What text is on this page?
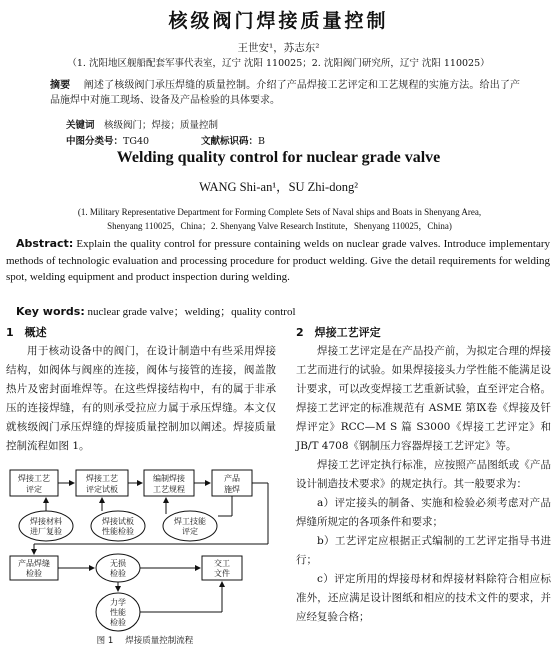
核级阀门焊接质量控制
王世安¹，苏志东²
（1. 沈阳地区舰船配套军事代表室，辽宁 沈阳 110025；2. 沈阳阀门研究所，辽宁 沈阳 110025）
摘要　 阐述了核级阀门承压焊缝的质量控制。介绍了产品焊接工艺评定和工艺规程的实施方法。给出了产品施焊中对施工现场、设备及产品检验的具体要求。
关键词　 核级阀门；焊接；质量控制
中图分类号：TG40	文献标识码：B
Welding quality control for nuclear grade valve
WANG Shi-an¹，SU Zhi-dong²
(1. Military Representative Department for Forming Complete Sets of Naval ships and Boats in Shenyang Area,
Shenyang 110025，China；2. Shenyang Valve Research Institute，Shenyang 110025，China)
Abstract: Explain the quality control for pressure containing welds on nuclear grade valves. Introduce implementary methods of technologic evaluation and processing procedure for product welding. Give the detail requirements for welding spot, welding equipment and product inspection during welding.
Key words: nuclear grade valve；welding；quality control
1　概述	2　焊接工艺评定

用于核动设备中的阀门，在设计制造中有些采用焊接结构，如阀体与阀座的连接，阀体与接管的连接，阀盖散热片及密封面堆焊等。在这些焊接结构中，有的属于非承压的连接焊缝，有的则承受拉应力属于承压焊缝。本文仅就核级阀门承压焊缝的焊接质量控制加以阐述。焊接质量控制流程如图 1。

焊接工艺评定是在产品投产前，为拟定合理的焊接工艺而进行的试验。如果焊接接头力学性能不能满足设计要求，可以改变焊接工艺重新试验，直至评定合格。焊接工艺评定的标准规范有 ASME 第Ⅸ卷《焊接及钎焊评定》RCC—M S 篇 S3000《焊接工艺评定》和 JB/T 4708《钢制压力容器焊接工艺评定》等。

焊接工艺评定执行标准，应按照产品图纸或《产品设计制造技术要求》的规定执行。其一般要求为：

a）评定接头的制备、实施和检验必须考虑对产品焊缝所规定的各项条件和要求；

b）工艺评定应根据正式编制的工艺评定指导书进行；

c）评定所用的焊接母材和焊接材料除符合相应标准外，还应满足设计图纸和相应的技术文件的要求，并应经复验合格；

焊接工艺
评定
焊接工艺
评定试板
编制焊接
工艺规程
产品
施焊
焊接材料
进厂复验
焊接试板
性能检验
焊工技能
评定
产品焊缝
检验
无损
检验
交工
文件
力学
性能
检验
图 1 焊接质量控制流程
